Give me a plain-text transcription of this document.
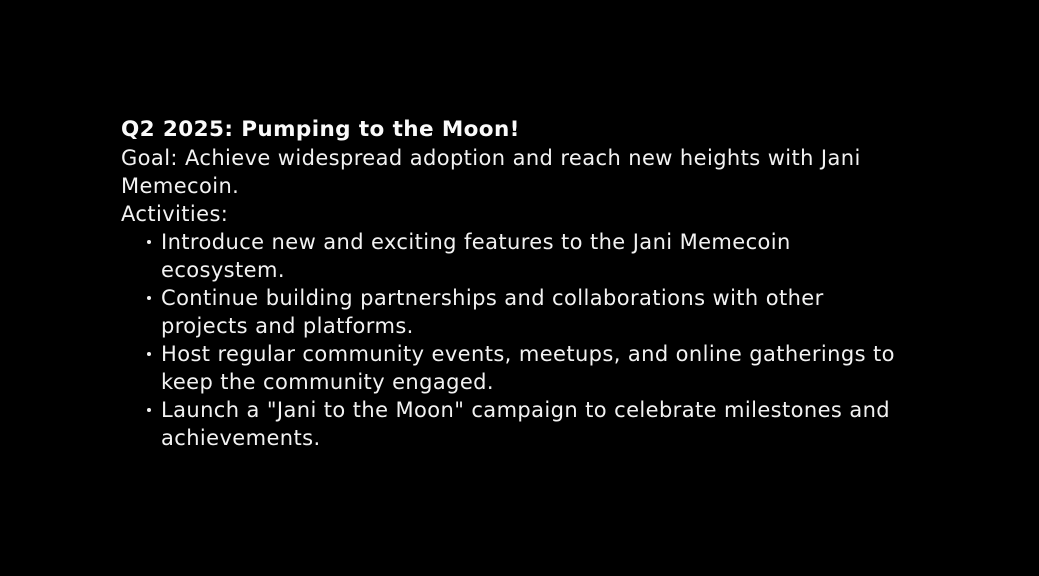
Q2 2025: Pumping to the Moon!

Goal: Achieve widespread adoption and reach new heights with Jani Memecoin.

Activities:

Introduce new and exciting features to the Jani Memecoin ecosystem.
Continue building partnerships and collaborations with other projects and platforms.
Host regular community events, meetups, and online gatherings to keep the community engaged.
Launch a "Jani to the Moon" campaign to celebrate milestones and achievements.
